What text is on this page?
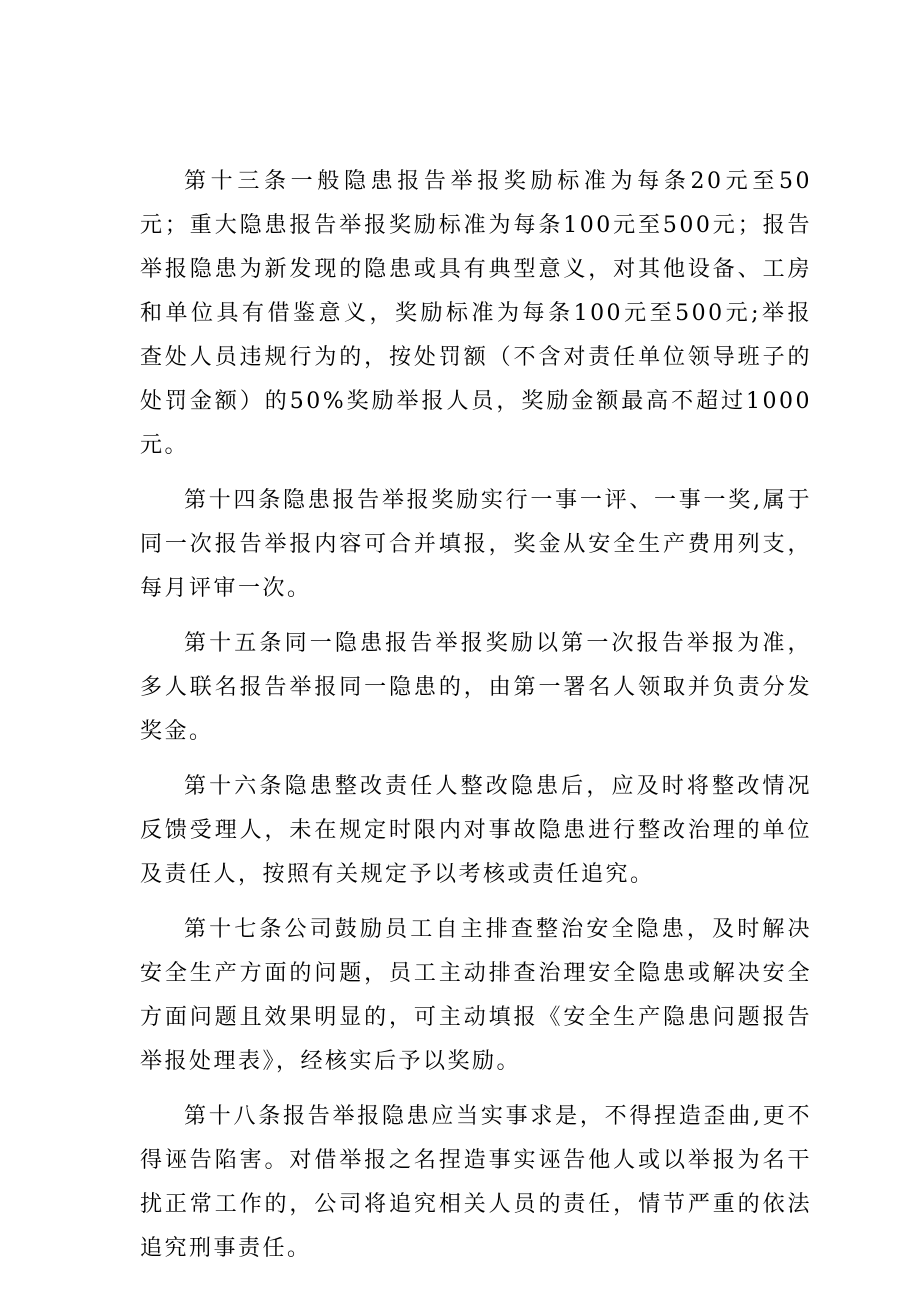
第十三条一般隐患报告举报奖励标准为每条20元至50元；重大隐患报告举报奖励标准为每条100元至500元；报告举报隐患为新发现的隐患或具有典型意义，对其他设备、工房和单位具有借鉴意义，奖励标准为每条100元至500元;举报查处人员违规行为的，按处罚额（不含对责任单位领导班子的处罚金额）的50%奖励举报人员，奖励金额最高不超过1000元。

第十四条隐患报告举报奖励实行一事一评、一事一奖,属于同一次报告举报内容可合并填报，奖金从安全生产费用列支，每月评审一次。

第十五条同一隐患报告举报奖励以第一次报告举报为准，多人联名报告举报同一隐患的，由第一署名人领取并负责分发奖金。

第十六条隐患整改责任人整改隐患后，应及时将整改情况反馈受理人，未在规定时限内对事故隐患进行整改治理的单位及责任人，按照有关规定予以考核或责任追究。

第十七条公司鼓励员工自主排查整治安全隐患，及时解决安全生产方面的问题，员工主动排查治理安全隐患或解决安全方面问题且效果明显的，可主动填报《安全生产隐患问题报告举报处理表》，经核实后予以奖励。

第十八条报告举报隐患应当实事求是，不得捏造歪曲,更不得诬告陷害。对借举报之名捏造事实诬告他人或以举报为名干扰正常工作的，公司将追究相关人员的责任，情节严重的依法追究刑事责任。
